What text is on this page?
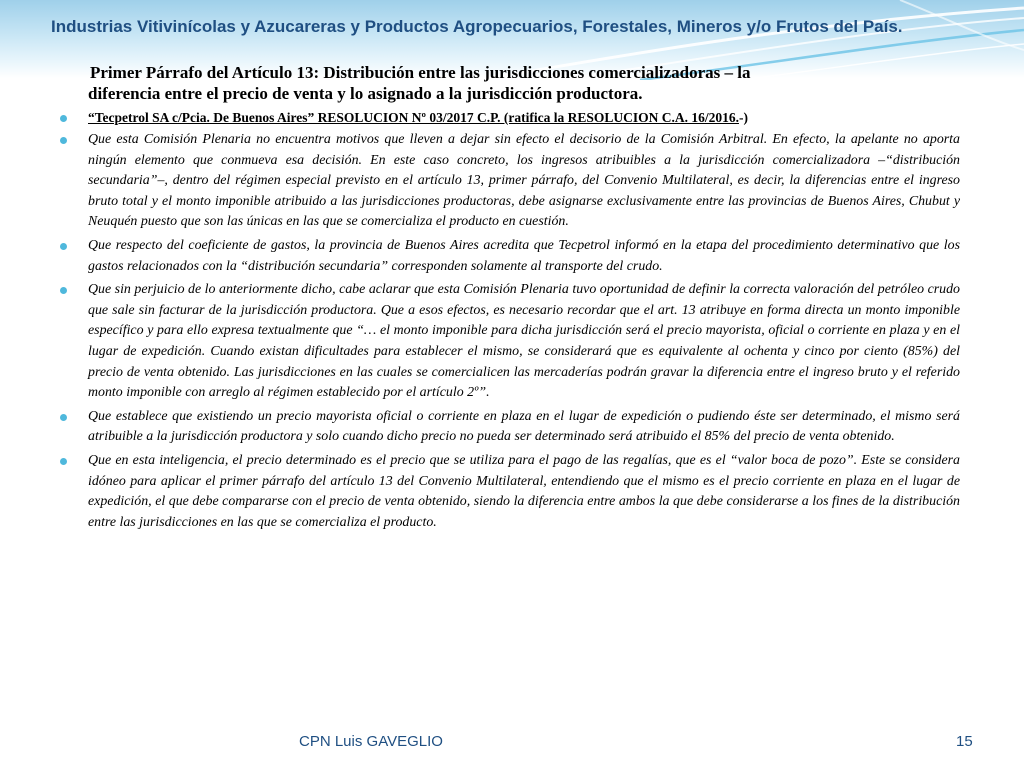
Industrias Vitivinícolas y Azucareras y Productos Agropecuarios, Forestales, Mineros y/o Frutos del País.
Primer Párrafo del Artículo 13: Distribución entre las jurisdicciones comercializadoras – la
diferencia entre el precio de venta y lo asignado a la jurisdicción productora.
“Tecpetrol SA c/Pcia. De Buenos Aires” RESOLUCION Nº 03/2017 C.P. (ratifica la RESOLUCION C.A. 16/2016.-)
Que esta Comisión Plenaria no encuentra motivos que lleven a dejar sin efecto el decisorio de la Comisión Arbitral. En efecto, la apelante no aporta ningún elemento que conmueva esa decisión. En este caso concreto, los ingresos atribuibles a la jurisdicción comercializadora –“distribución secundaria”–, dentro del régimen especial previsto en el artículo 13, primer párrafo, del Convenio Multilateral, es decir, la diferencias entre el ingreso bruto total y el monto imponible atribuido a las jurisdicciones productoras, debe asignarse exclusivamente entre las provincias de Buenos Aires, Chubut y Neuquén puesto que son las únicas en las que se comercializa el producto en cuestión.
Que respecto del coeficiente de gastos, la provincia de Buenos Aires acredita que Tecpetrol informó en la etapa del procedimiento determinativo que los gastos relacionados con la “distribución secundaria” corresponden solamente al transporte del crudo.
Que sin perjuicio de lo anteriormente dicho, cabe aclarar que esta Comisión Plenaria tuvo oportunidad de definir la correcta valoración del petróleo crudo que sale sin facturar de la jurisdicción productora. Que a esos efectos, es necesario recordar que el art. 13 atribuye en forma directa un monto imponible específico y para ello expresa textualmente que “… el monto imponible para dicha jurisdicción será el precio mayorista, oficial o corriente en plaza y en el lugar de expedición. Cuando existan dificultades para establecer el mismo, se considerará que es equivalente al ochenta y cinco por ciento (85%) del precio de venta obtenido. Las jurisdicciones en las cuales se comercialicen las mercaderías podrán gravar la diferencia entre el ingreso bruto y el referido monto imponible con arreglo al régimen establecido por el artículo 2º”.
Que establece que existiendo un precio mayorista oficial o corriente en plaza en el lugar de expedición o pudiendo éste ser determinado, el mismo será atribuible a la jurisdicción productora y solo cuando dicho precio no pueda ser determinado será atribuido el 85% del precio de venta obtenido.
Que en esta inteligencia, el precio determinado es el precio que se utiliza para el pago de las regalías, que es el “valor boca de pozo”. Este se considera idóneo para aplicar el primer párrafo del artículo 13 del Convenio Multilateral, entendiendo que el mismo es el precio corriente en plaza en el lugar de expedición, el que debe compararse con el precio de venta obtenido, siendo la diferencia entre ambos la que debe considerarse a los fines de la distribución entre las jurisdicciones en las que se comercializa el producto.
CPN Luis GAVEGLIO	15
